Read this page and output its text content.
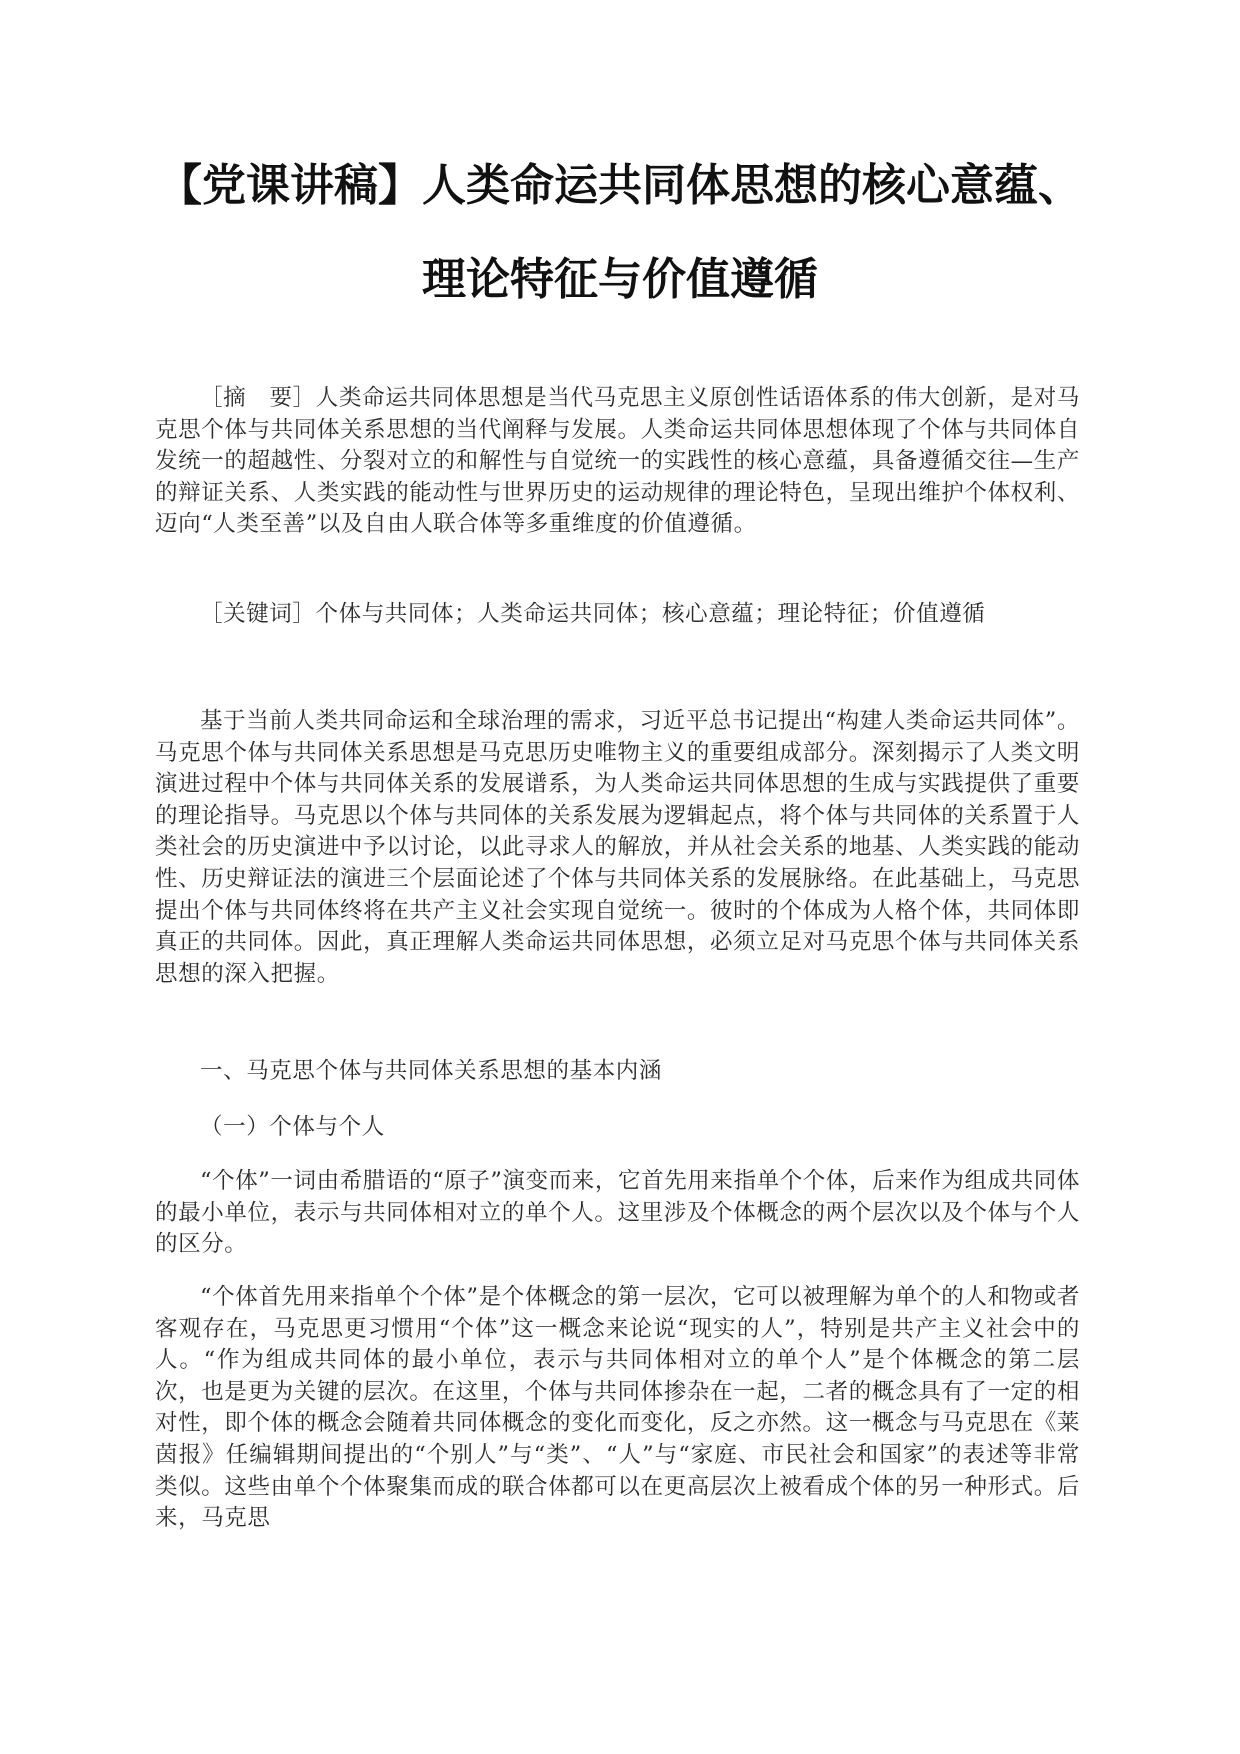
【党课讲稿】人类命运共同体思想的核心意蕴、
理论特征与价值遵循

［摘　要］人类命运共同体思想是当代马克思主义原创性话语体系的伟大创新，是对马克思个体与共同体关系思想的当代阐释与发展。人类命运共同体思想体现了个体与共同体自发统一的超越性、分裂对立的和解性与自觉统一的实践性的核心意蕴，具备遵循交往—生产的辩证关系、人类实践的能动性与世界历史的运动规律的理论特色，呈现出维护个体权利、迈向“人类至善”以及自由人联合体等多重维度的价值遵循。

［关键词］个体与共同体；人类命运共同体；核心意蕴；理论特征；价值遵循

基于当前人类共同命运和全球治理的需求，习近平总书记提出“构建人类命运共同体”。马克思个体与共同体关系思想是马克思历史唯物主义的重要组成部分。深刻揭示了人类文明演进过程中个体与共同体关系的发展谱系，为人类命运共同体思想的生成与实践提供了重要的理论指导。马克思以个体与共同体的关系发展为逻辑起点，将个体与共同体的关系置于人类社会的历史演进中予以讨论，以此寻求人的解放，并从社会关系的地基、人类实践的能动性、历史辩证法的演进三个层面论述了个体与共同体关系的发展脉络。在此基础上，马克思提出个体与共同体终将在共产主义社会实现自觉统一。彼时的个体成为人格个体，共同体即真正的共同体。因此，真正理解人类命运共同体思想，必须立足对马克思个体与共同体关系思想的深入把握。

一、马克思个体与共同体关系思想的基本内涵

（一）个体与个人

“个体”一词由希腊语的“原子”演变而来，它首先用来指单个个体，后来作为组成共同体的最小单位，表示与共同体相对立的单个人。这里涉及个体概念的两个层次以及个体与个人的区分。

“个体首先用来指单个个体”是个体概念的第一层次，它可以被理解为单个的人和物或者客观存在，马克思更习惯用“个体”这一概念来论说“现实的人”，特别是共产主义社会中的人。“作为组成共同体的最小单位，表示与共同体相对立的单个人”是个体概念的第二层次，也是更为关键的层次。在这里，个体与共同体掺杂在一起，二者的概念具有了一定的相对性，即个体的概念会随着共同体概念的变化而变化，反之亦然。这一概念与马克思在《莱茵报》任编辑期间提出的“个别人”与“类”、“人”与“家庭、市民社会和国家”的表述等非常类似。这些由单个个体聚集而成的联合体都可以在更高层次上被看成个体的另一种形式。后来，马克思
